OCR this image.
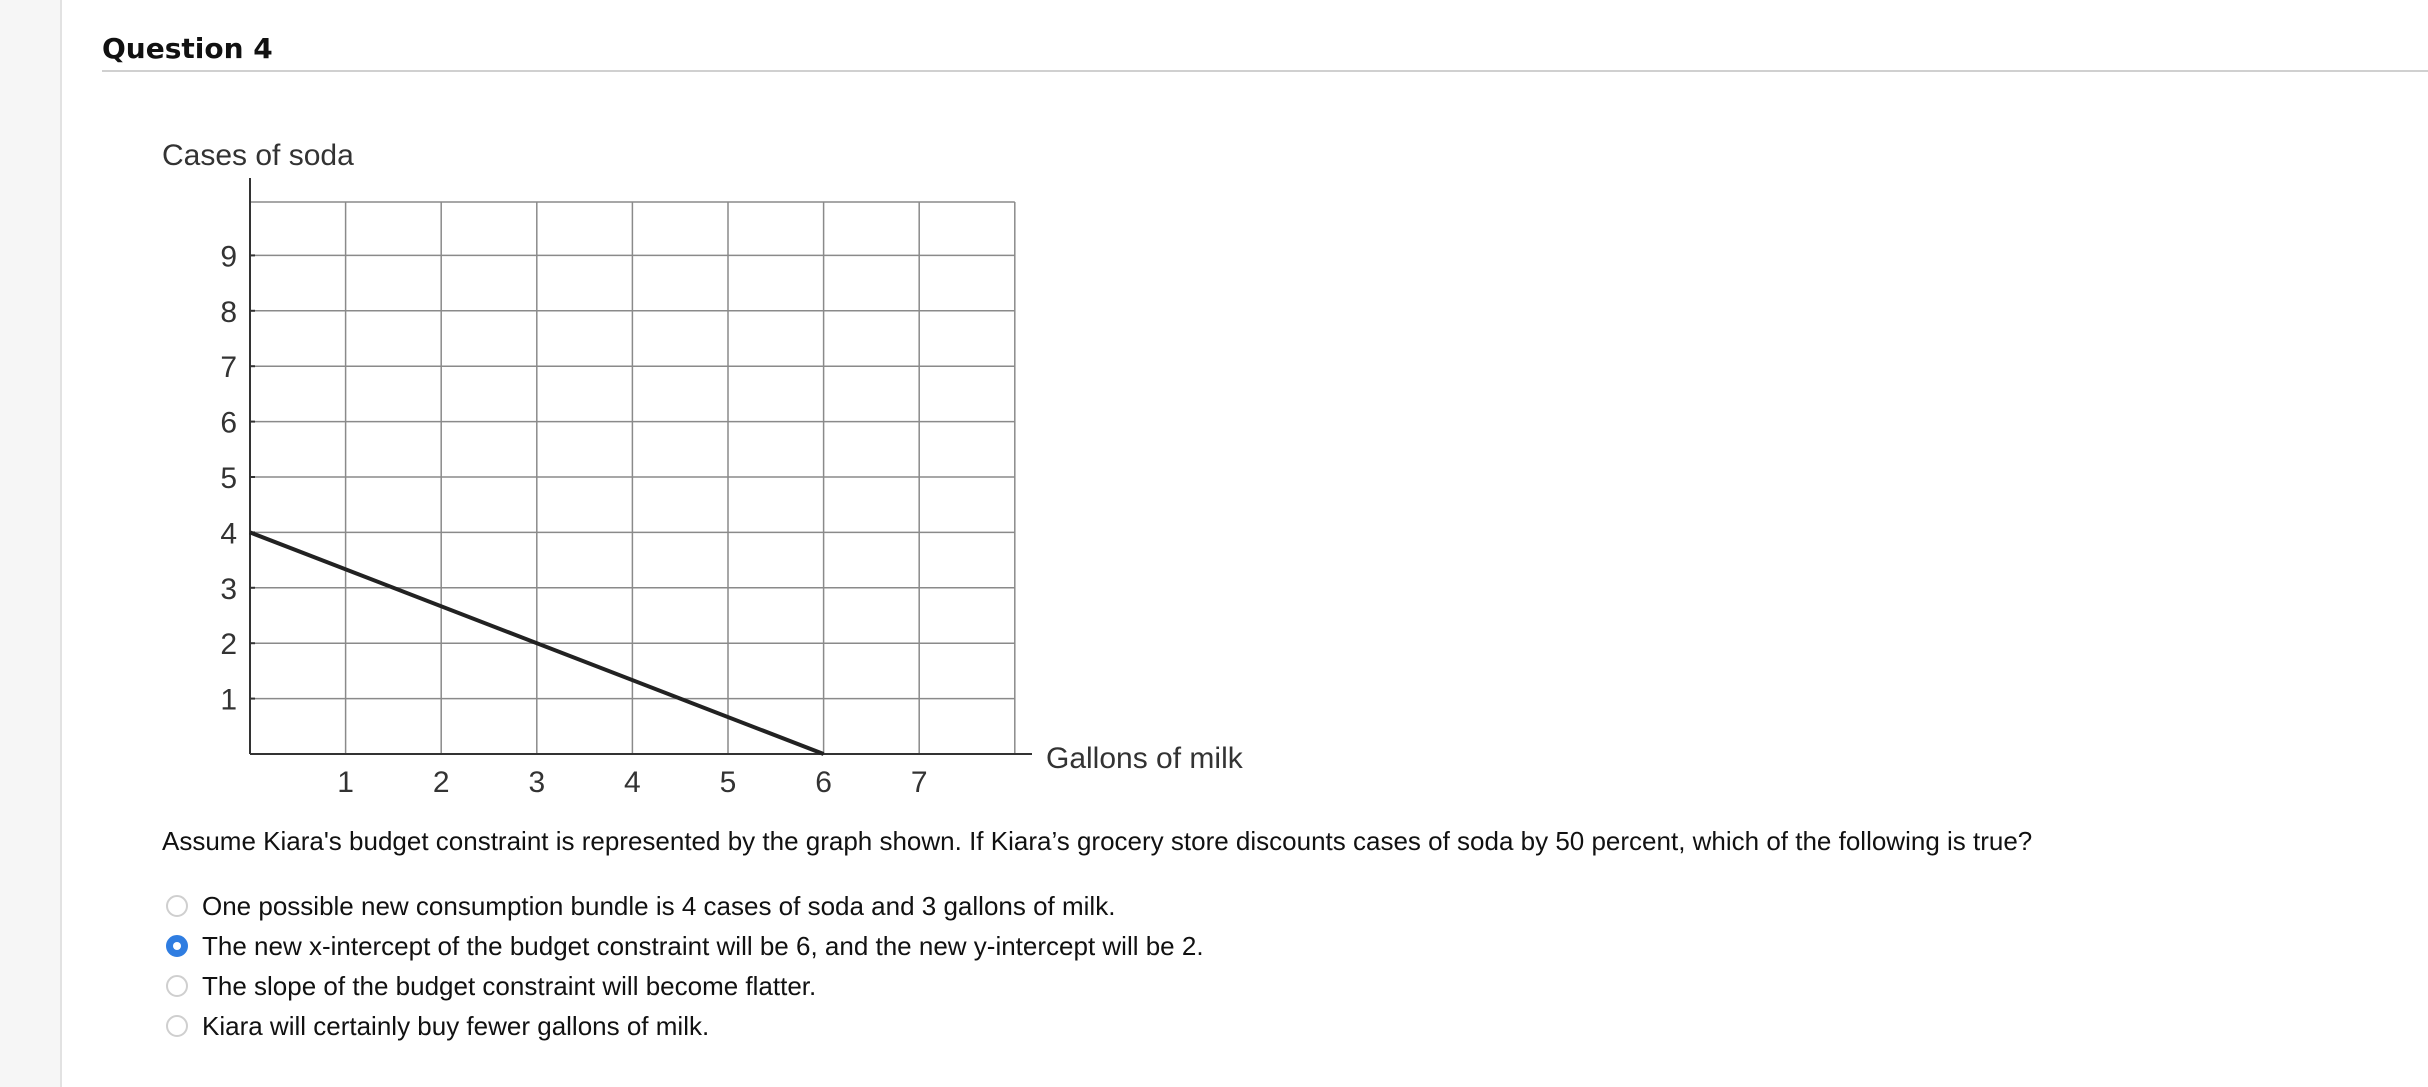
Question 4
1	2	3	4	5	6	7
1
2
3
4
5
6
7
8
9
Cases of soda
Gallons of milk
Assume Kiara's budget constraint is represented by the graph shown. If Kiara’s grocery store discounts cases of soda by 50 percent, which of the following is true?
One possible new consumption bundle is 4 cases of soda and 3 gallons of milk.
The new x-intercept of the budget constraint will be 6, and the new y-intercept will be 2.
The slope of the budget constraint will become flatter.
Kiara will certainly buy fewer gallons of milk.
